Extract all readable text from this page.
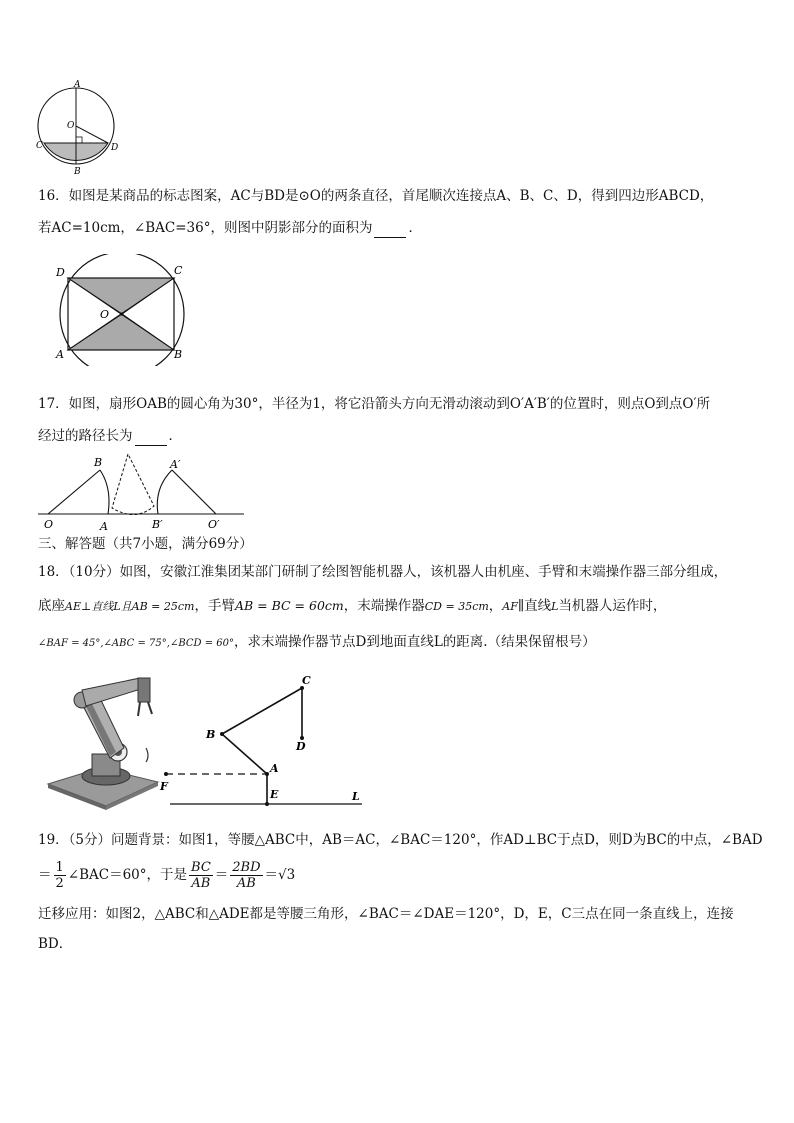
A
O
C	D
B
16．如图是某商品的标志图案，AC与BD是⊙O的两条直径，首尾顺次连接点A、B、C、D，得到四边形ABCD，
若AC=10cm，∠BAC=36°，则图中阴影部分的面积为	．
D	C
O
A	B
17．如图，扇形OAB的圆心角为30°，半径为1，将它沿箭头方向无滑动滚动到O′A′B′的位置时，则点O到点O′所
经过的路径长为	．
B	A′
O	A	B′	O′
三、解答题（共7小题，满分69分）
18．（10分）如图，安徽江淮集团某部门研制了绘图智能机器人，该机器人由机座、手臂和末端操作器三部分组成，
底座AE⊥直线L且AB = 25cm，手臂AB = BC = 60cm，末端操作器CD = 35cm，AF∥直线L当机器人运作时，
∠BAF = 45°,∠ABC = 75°,∠BCD = 60°，求末端操作器节点D到地面直线L的距离.（结果保留根号）
C
B
D
A
F
E	L
19．（5分）问题背景：如图1，等腰△ABC中，AB＝AC，∠BAC＝120°，作AD⊥BC于点D，则D为BC的中点，∠BAD
＝ $\frac{1}{2}$ ∠BAC＝60°，于是 $\frac{BC}{AB} = \frac{2BD}{AB} =√3$
迁移应用：如图2，△ABC和△ADE都是等腰三角形，∠BAC＝∠DAE＝120°，D，E，C三点在同一条直线上，连接
BD．
